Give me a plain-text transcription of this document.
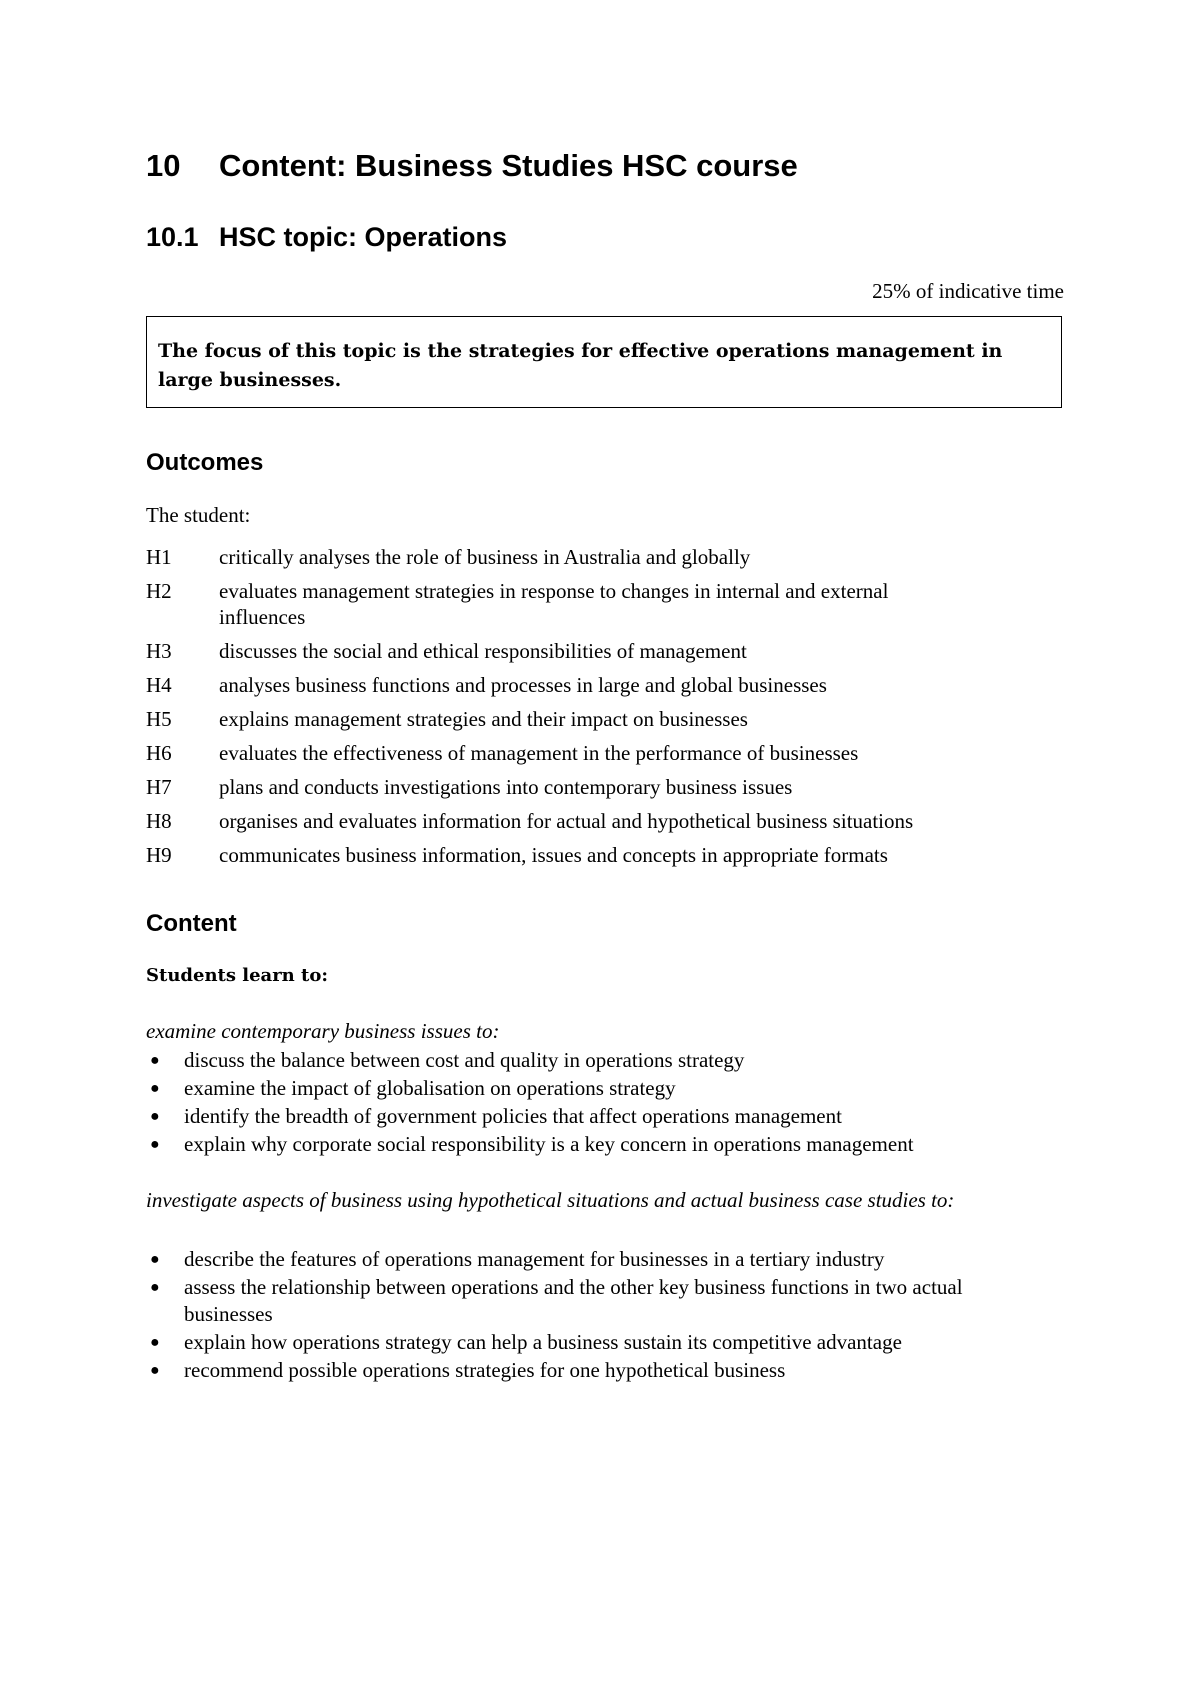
10 Content: Business Studies HSC course
10.1 HSC topic: Operations
25% of indicative time
The focus of this topic is the strategies for effective operations management in large businesses.
Outcomes
The student:
H1	critically analyses the role of business in Australia and globally
H2	evaluates management strategies in response to changes in internal and external influences
H3	discusses the social and ethical responsibilities of management
H4	analyses business functions and processes in large and global businesses
H5	explains management strategies and their impact on businesses
H6	evaluates the effectiveness of management in the performance of businesses
H7	plans and conducts investigations into contemporary business issues
H8	organises and evaluates information for actual and hypothetical business situations
H9	communicates business information, issues and concepts in appropriate formats
Content
Students learn to:
examine contemporary business issues to:
●	discuss the balance between cost and quality in operations strategy
●	examine the impact of globalisation on operations strategy
●	identify the breadth of government policies that affect operations management
●	explain why corporate social responsibility is a key concern in operations management
investigate aspects of business using hypothetical situations and actual business case studies to:
●	describe the features of operations management for businesses in a tertiary industry
●	assess the relationship between operations and the other key business functions in two actual businesses
●	explain how operations strategy can help a business sustain its competitive advantage
●	recommend possible operations strategies for one hypothetical business
